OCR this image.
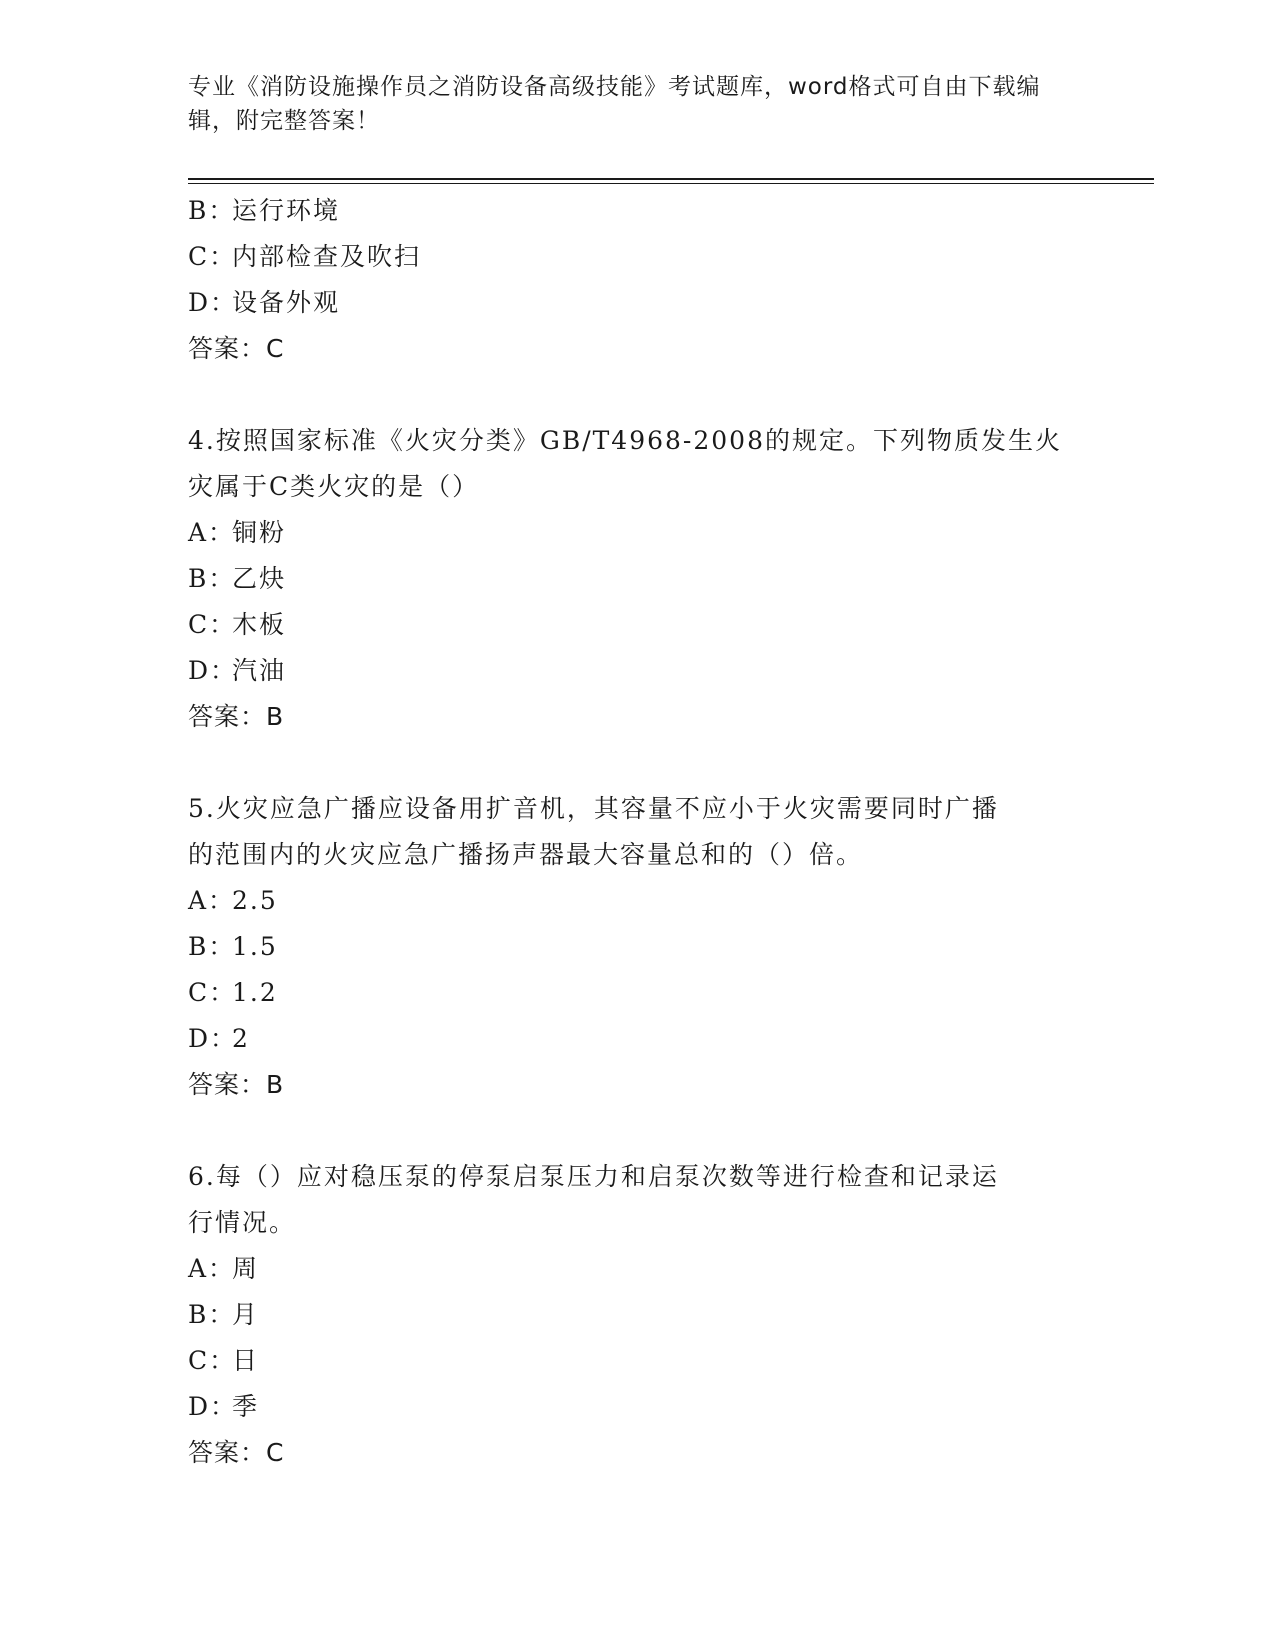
专业《消防设施操作员之消防设备高级技能》考试题库，word格式可自由下载编
辑，附完整答案！
B：运行环境
C：内部检查及吹扫
D：设备外观
答案：C
4.按照国家标准《火灾分类》GB/T4968-2008的规定。下列物质发生火
灾属于C类火灾的是（）
A：铜粉
B：乙炔
C：木板
D：汽油
答案：B
5.火灾应急广播应设备用扩音机，其容量不应小于火灾需要同时广播
的范围内的火灾应急广播扬声器最大容量总和的（）倍。
A：2.5
B：1.5
C：1.2
D：2
答案：B
6.每（）应对稳压泵的停泵启泵压力和启泵次数等进行检查和记录运
行情况。
A：周
B：月
C：日
D：季
答案：C
